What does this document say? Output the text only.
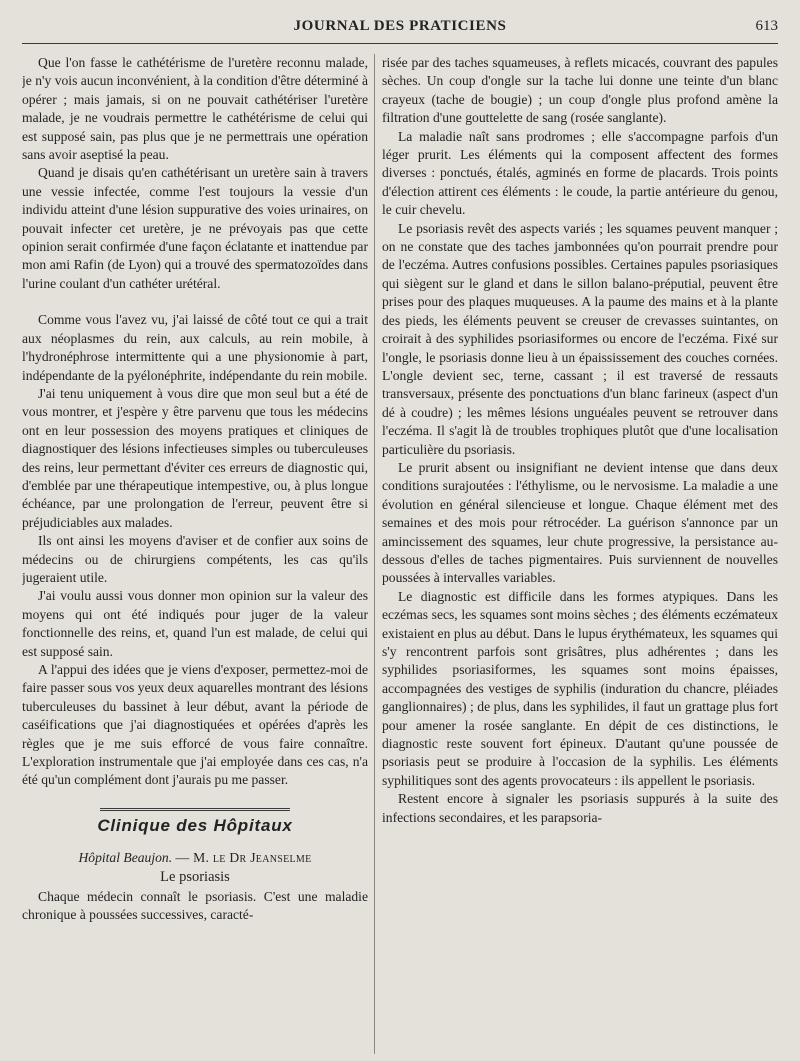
JOURNAL DES PRATICIENS	613

Que l'on fasse le cathétérisme de l'uretère reconnu malade, je n'y vois aucun inconvénient, à la condition d'être déterminé à opérer ; mais jamais, si on ne pouvait cathétériser l'uretère malade, je ne voudrais permettre le cathétérisme de celui qui est supposé sain, pas plus que je ne permettrais une opération sans avoir aseptisé la peau.

Quand je disais qu'en cathétérisant un uretère sain à travers une vessie infectée, comme l'est toujours la vessie d'un individu atteint d'une lésion suppurative des voies urinaires, on pouvait infecter cet uretère, je ne prévoyais pas que cette opinion serait confirmée d'une façon éclatante et inattendue par mon ami Rafin (de Lyon) qui a trouvé des spermatozoïdes dans l'urine coulant d'un cathéter urétéral.

Comme vous l'avez vu, j'ai laissé de côté tout ce qui a trait aux néoplasmes du rein, aux calculs, au rein mobile, à l'hydronéphrose intermittente qui a une physionomie à part, indépendante de la pyélonéphrite, indépendante du rein mobile.

J'ai tenu uniquement à vous dire que mon seul but a été de vous montrer, et j'espère y être parvenu que tous les médecins ont en leur possession des moyens pratiques et cliniques de diagnostiquer des lésions infectieuses simples ou tuberculeuses des reins, leur permettant d'éviter ces erreurs de diagnostic qui, d'emblée par une thérapeutique intempestive, ou, à plus longue échéance, par une prolongation de l'erreur, peuvent être si préjudiciables aux malades.

Ils ont ainsi les moyens d'aviser et de confier aux soins de médecins ou de chirurgiens compétents, les cas qu'ils jugeraient utile.

J'ai voulu aussi vous donner mon opinion sur la valeur des moyens qui ont été indiqués pour juger de la valeur fonctionnelle des reins, et, quand l'un est malade, de celui qui est supposé sain.

A l'appui des idées que je viens d'exposer, permettez-moi de faire passer sous vos yeux deux aquarelles montrant des lésions tuberculeuses du bassinet à leur début, avant la période de caséifications que j'ai diagnostiquées et opérées d'après les règles que je me suis efforcé de vous faire connaître. L'exploration instrumentale que j'ai employée dans ces cas, n'a été qu'un complément dont j'aurais pu me passer.

Clinique des Hôpitaux
Hôpital Beaujon. — M. le Dr Jeanselme
Le psoriasis

Chaque médecin connaît le psoriasis. C'est une maladie chronique à poussées successives, caracté-

risée par des taches squameuses, à reflets micacés, couvrant des papules sèches. Un coup d'ongle sur la tache lui donne une teinte d'un blanc crayeux (tache de bougie) ; un coup d'ongle plus profond amène la filtration d'une gouttelette de sang (rosée sanglante).

La maladie naît sans prodromes ; elle s'accompagne parfois d'un léger prurit. Les éléments qui la composent affectent des formes diverses : ponctués, étalés, agminés en forme de placards. Trois points d'élection attirent ces éléments : le coude, la partie antérieure du genou, le cuir chevelu.

Le psoriasis revêt des aspects variés ; les squames peuvent manquer ; on ne constate que des taches jambonnées qu'on pourrait prendre pour de l'eczéma. Autres confusions possibles. Certaines papules psoriasiques qui siègent sur le gland et dans le sillon balano-préputial, peuvent être prises pour des plaques muqueuses. A la paume des mains et à la plante des pieds, les éléments peuvent se creuser de crevasses suintantes, on croirait à des syphilides psoriasiformes ou encore de l'eczéma. Fixé sur l'ongle, le psoriasis donne lieu à un épaississement des couches cornées. L'ongle devient sec, terne, cassant ; il est traversé de ressauts transversaux, présente des ponctuations d'un blanc farineux (aspect d'un dé à coudre) ; les mêmes lésions unguéales peuvent se retrouver dans l'eczéma. Il s'agit là de troubles trophiques plutôt que d'une localisation particulière du psoriasis.

Le prurit absent ou insignifiant ne devient intense que dans deux conditions surajoutées : l'éthylisme, ou le nervosisme. La maladie a une évolution en général silencieuse et longue. Chaque élément met des semaines et des mois pour rétrocéder. La guérison s'annonce par un amincissement des squames, leur chute progressive, la persistance au-dessous d'elles de taches pigmentaires. Puis surviennent de nouvelles poussées à intervalles variables.

Le diagnostic est difficile dans les formes atypiques. Dans les eczémas secs, les squames sont moins sèches ; des éléments eczémateux existaient en plus au début. Dans le lupus érythémateux, les squames qui s'y rencontrent parfois sont grisâtres, plus adhérentes ; dans les syphilides psoriasiformes, les squames sont moins épaisses, accompagnées des vestiges de syphilis (induration du chancre, pléiades ganglionnaires) ; de plus, dans les syphilides, il faut un grattage plus fort pour amener la rosée sanglante. En dépit de ces distinctions, le diagnostic reste souvent fort épineux. D'autant qu'une poussée de psoriasis peut se produire à l'occasion de la syphilis. Les éléments syphilitiques sont des agents provocateurs : ils appellent le psoriasis.

Restent encore à signaler les psoriasis suppurés à la suite des infections secondaires, et les parapsoria-
